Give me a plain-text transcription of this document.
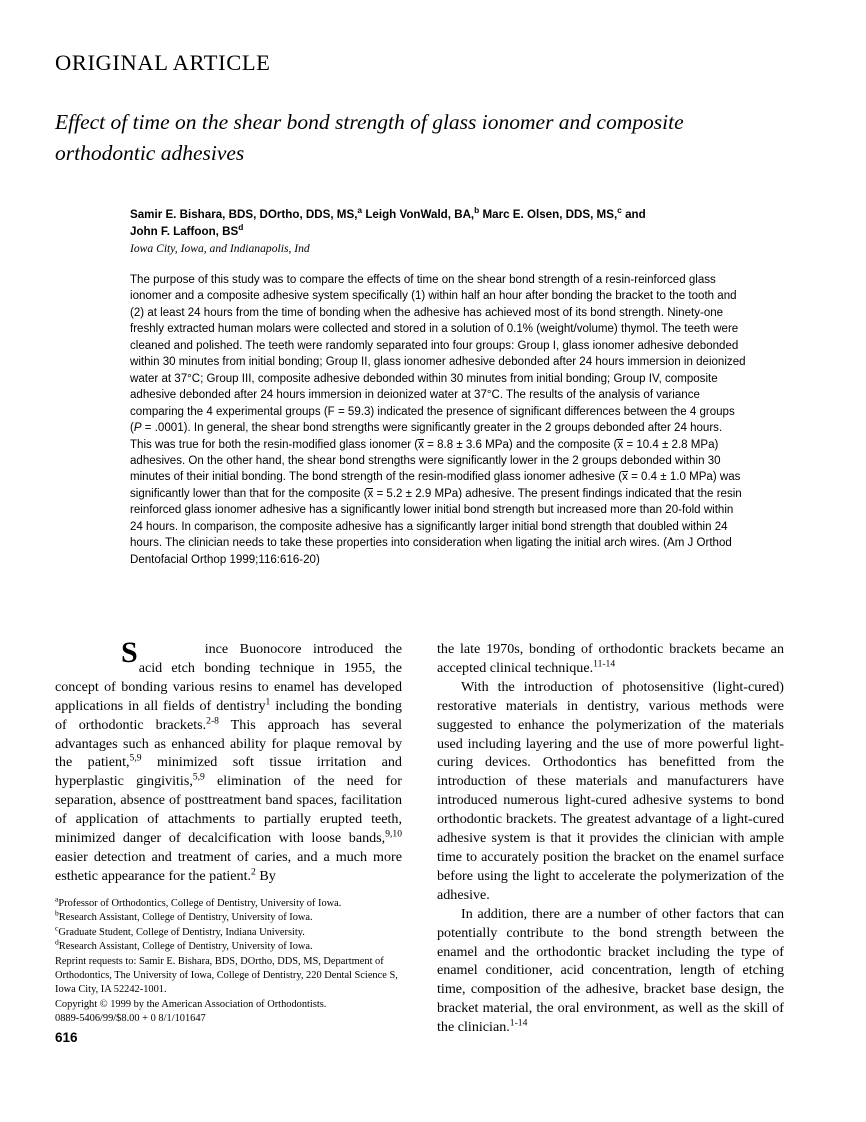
ORIGINAL ARTICLE
Effect of time on the shear bond strength of glass ionomer and composite orthodontic adhesives
Samir E. Bishara, BDS, DOrtho, DDS, MS,$^a$ Leigh VonWald, BA,$^b$ Marc E. Olsen, DDS, MS,$^c$ and
John F. Laffoon, $BS^d$
Iowa City, Iowa, and Indianapolis, Ind
The purpose of this study was to compare the effects of time on the shear bond strength of a resin-reinforced glass ionomer and a composite adhesive system specifically (1) within half an hour after bonding the bracket to the tooth and (2) at least 24 hours from the time of bonding when the adhesive has achieved most of its bond strength. Ninety-one freshly extracted human molars were collected and stored in a solution of 0.1% (weight/volume) thymol. The teeth were cleaned and polished. The teeth were randomly separated into four groups: Group I, glass ionomer adhesive debonded within 30 minutes from initial bonding; Group II, glass ionomer adhesive debonded after 24 hours immersion in deionized water at 37°C; Group III, composite adhesive debonded within 30 minutes from initial bonding; Group IV, composite adhesive debonded after 24 hours immersion in deionized water at 37°C. The results of the analysis of variance comparing the 4 experimental groups (F = 59.3) indicated the presence of significant differences between the 4 groups (P = .0001). In general, the shear bond strengths were significantly greater in the 2 groups debonded after 24 hours. This was true for both the resin-modified glass ionomer (x = 8.8 ± 3.6 MPa) and the composite (x = 10.4 ± 2.8 MPa) adhesives. On the other hand, the shear bond strengths were significantly lower in the 2 groups debonded within 30 minutes of their initial bonding. The bond strength of the resin-modified glass ionomer adhesive (x = 0.4 ± 1.0 MPa) was significantly lower than that for the composite (x = 5.2 ± 2.9 MPa) adhesive. The present findings indicated that the resin reinforced glass ionomer adhesive has a significantly lower initial bond strength but increased more than 20-fold within 24 hours. In comparison, the composite adhesive has a significantly larger initial bond strength that doubled within 24 hours. The clinician needs to take these properties into consideration when ligating the initial arch wires. (Am J Orthod Dentofacial Orthop 1999;116:616-20)

S	ince Buonocore introduced the acid etch bonding technique in 1955, the concept of bonding various resins to enamel has developed applications in all fields of dentistry$^1$ including the bonding of orthodontic brackets.$^{2-8}$ This approach has several advantages such as enhanced ability for plaque removal by the patient,$^{5,9}$ minimized soft tissue irritation and hyperplastic gingivitis,$^{5,9}$ elimination of the need for separation, absence of posttreatment band spaces, facilitation of application of attachments to partially erupted teeth, minimized danger of decalcification with loose bands,$^{9,10}$ easier detection and treatment of caries, and a much more esthetic appearance for the patient.$^2$ By

the late 1970s, bonding of orthodontic brackets became an accepted clinical technique.$^{11-14}$

With the introduction of photosensitive (light-cured) restorative materials in dentistry, various methods were suggested to enhance the polymerization of the materials used including layering and the use of more powerful light-curing devices. Orthodontics has benefitted from the introduction of these materials and manufacturers have introduced numerous light-cured adhesive systems to bond orthodontic brackets. The greatest advantage of a light-cured adhesive system is that it provides the clinician with ample time to accurately position the bracket on the enamel surface before using the light to accelerate the polymerization of the adhesive.

In addition, there are a number of other factors that can potentially contribute to the bond strength between the enamel and the orthodontic bracket including the type of enamel conditioner, acid concentration, length of etching time, composition of the adhesive, bracket base design, the bracket material, the oral environment, as well as the skill of the clinician.$^{1-14}$

$^a$Professor of Orthodontics, College of Dentistry, University of Iowa.

$^b$Research Assistant, College of Dentistry, University of Iowa.

$^c$Graduate Student, College of Dentistry, Indiana University.

$^d$Research Assistant, College of Dentistry, University of Iowa.

Reprint requests to: Samir E. Bishara, BDS, DOrtho, DDS, MS, Department of Orthodontics, The University of Iowa, College of Dentistry, 220 Dental Science S, Iowa City, IA 52242-1001.

Copyright © 1999 by the American Association of Orthodontists.

0889-5406/99/$8.00 + 0 8/1/101647

616
